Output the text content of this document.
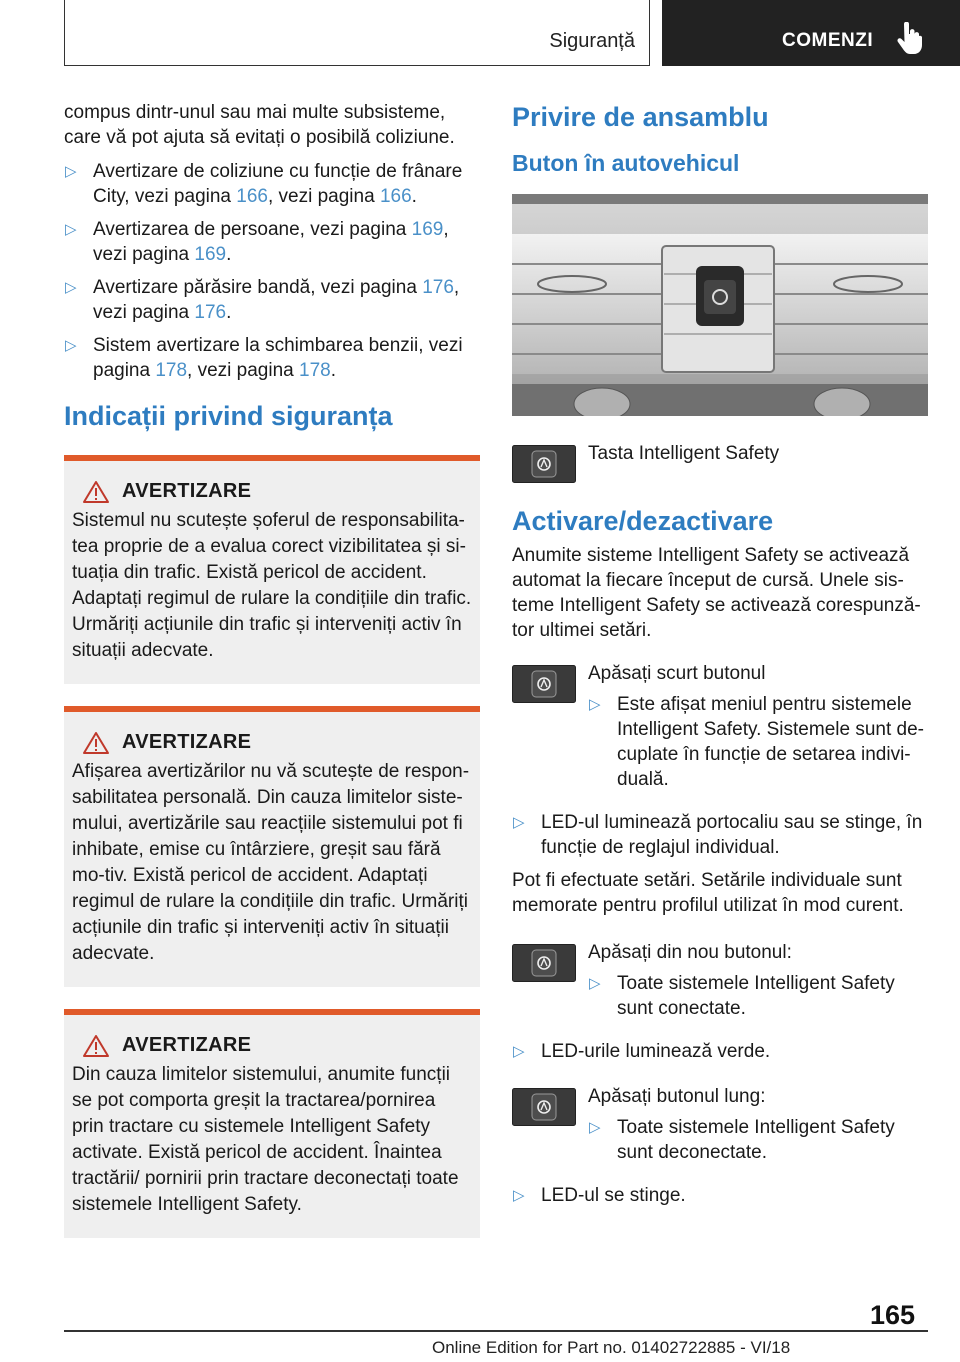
Siguranță	COMENZI

compus dintr-unul sau mai multe subsisteme, care vă pot ajuta să evitați o posibilă coliziune.

▷ Avertizare de coliziune cu funcție de frânare City, vezi pagina 166, vezi pagina 166.
▷ Avertizarea de persoane, vezi pagina 169, vezi pagina 169.
▷ Avertizare părăsire bandă, vezi pagina 176, vezi pagina 176.
▷ Sistem avertizare la schimbarea benzii, vezi pagina 178, vezi pagina 178.
Indicații privind siguranța
AVERTIZARE
Sistemul nu scutește șoferul de responsabilita-tea proprie de a evalua corect vizibilitatea și si-tuația din trafic. Există pericol de accident. Adaptați regimul de rulare la condițiile din trafic. Urmăriți acțiunile din trafic și interveniți activ în situații adecvate.
AVERTIZARE
Afișarea avertizărilor nu vă scutește de respon-sabilitatea personală. Din cauza limitelor siste-mului, avertizările sau reacțiile sistemului pot fi inhibate, emise cu întârziere, greșit sau fără mo-tiv. Există pericol de accident. Adaptați regimul de rulare la condițiile din trafic. Urmăriți acțiunile din trafic și interveniți activ în situații adecvate.
AVERTIZARE
Din cauza limitelor sistemului, anumite funcții se pot comporta greșit la tractarea/pornirea prin tractare cu sistemele Intelligent Safety activate. Există pericol de accident. Înaintea tractării/ pornirii prin tractare deconectați toate sistemele Intelligent Safety.
Privire de ansamblu
Buton în autovehicul

Tasta Intelligent Safety

Activare/dezactivare

Anumite sisteme Intelligent Safety se activează automat la fiecare început de cursă. Unele sis-teme Intelligent Safety se activează corespunză-tor ultimei setări.

Apăsați scurt butonul

▷ Este afișat meniul pentru sistemele Intelligent Safety. Sistemele sunt de-cuplate în funcție de setarea indivi-duală.
▷ LED-ul luminează portocaliu sau se stinge, în funcție de reglajul individual.

Pot fi efectuate setări. Setările individuale sunt memorate pentru profilul utilizat în mod curent.

Apăsați din nou butonul:

▷ Toate sistemele Intelligent Safety sunt conectate.
▷ LED-urile luminează verde.

Apăsați butonul lung:

▷ Toate sistemele Intelligent Safety sunt deconectate.
▷ LED-ul se stinge.
165
Online Edition for Part no. 01402722885 - VI/18
